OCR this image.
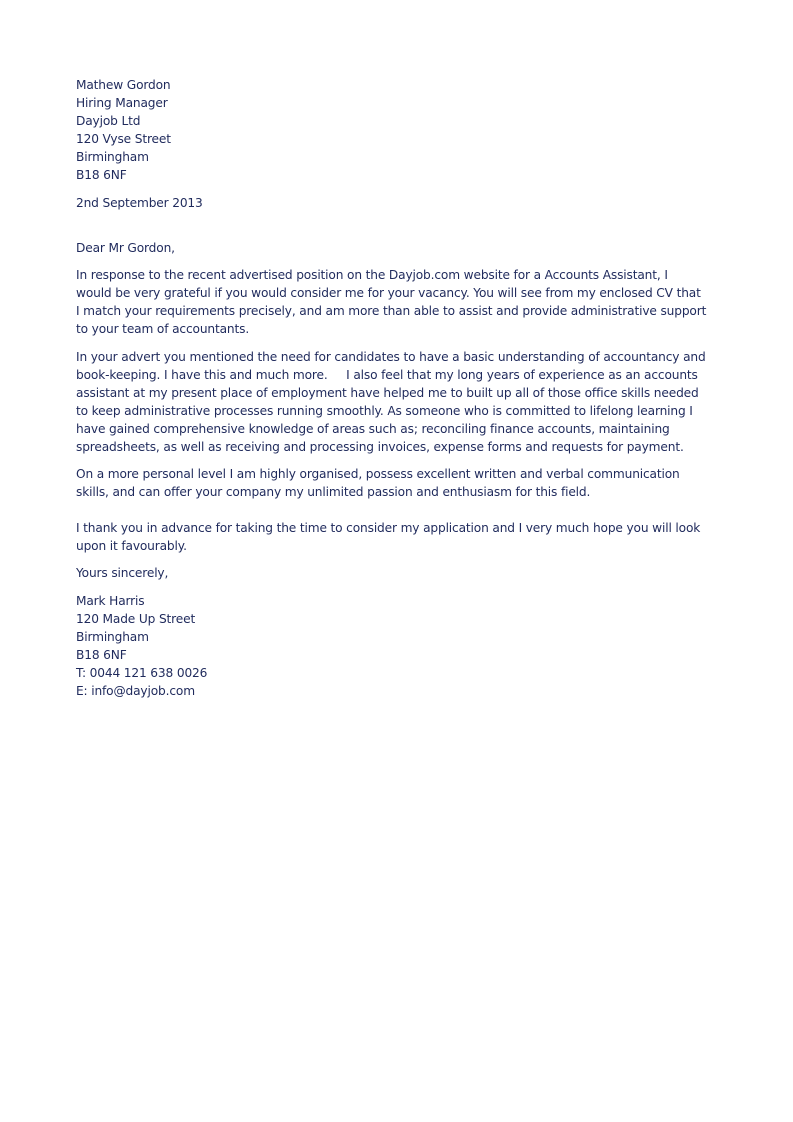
Mathew Gordon
Hiring Manager
Dayjob Ltd
120 Vyse Street
Birmingham
B18 6NF
2nd September 2013
Dear Mr Gordon,
In response to the recent advertised position on the Dayjob.com website for a Accounts Assistant, I
would be very grateful if you would consider me for your vacancy. You will see from my enclosed CV that
I match your requirements precisely, and am more than able to assist and provide administrative support
to your team of accountants.
In your advert you mentioned the need for candidates to have a basic understanding of accountancy and
book-keeping. I have this and much more.     I also feel that my long years of experience as an accounts
assistant at my present place of employment have helped me to built up all of those office skills needed
to keep administrative processes running smoothly. As someone who is committed to lifelong learning I
have gained comprehensive knowledge of areas such as; reconciling finance accounts, maintaining
spreadsheets, as well as receiving and processing invoices, expense forms and requests for payment.
On a more personal level I am highly organised, possess excellent written and verbal communication
skills, and can offer your company my unlimited passion and enthusiasm for this field.
I thank you in advance for taking the time to consider my application and I very much hope you will look
upon it favourably.
Yours sincerely,
Mark Harris
120 Made Up Street
Birmingham
B18 6NF
T: 0044 121 638 0026
E: info@dayjob.com
